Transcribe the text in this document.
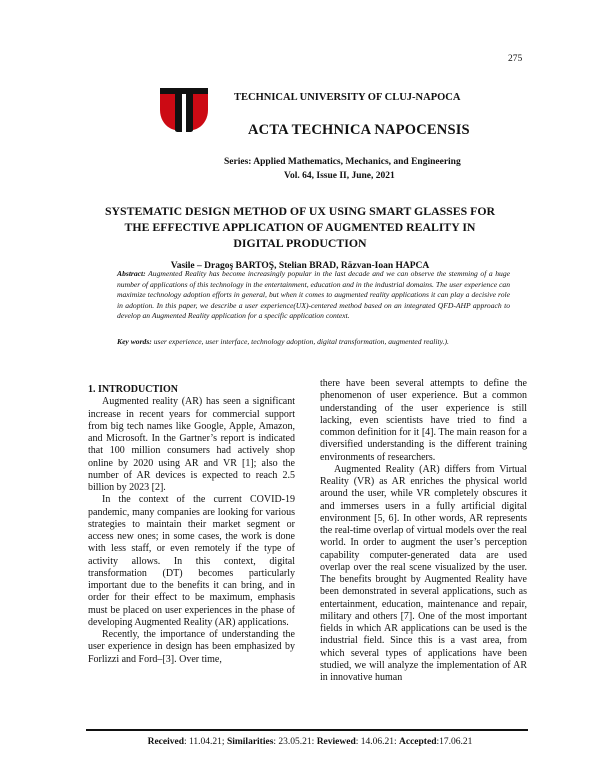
275
TECHNICAL UNIVERSITY OF CLUJ-NAPOCA
ACTA TECHNICA NAPOCENSIS
Series: Applied Mathematics, Mechanics, and Engineering
Vol. 64, Issue II, June, 2021
SYSTEMATIC DESIGN METHOD OF UX USING SMART GLASSES FOR
THE EFFECTIVE APPLICATION OF AUGMENTED REALITY IN
DIGITAL PRODUCTION
Vasile – Dragoş BARTOŞ, Stelian BRAD, Răzvan-Ioan HAPCA
Abstract: Augmented Reality has become increasingly popular in the last decade and we can observe the stemming of a huge number of applications of this technology in the entertainment, education and in the industrial domains. The user experience can maximize technology adoption efforts in general, but when it comes to augmented reality applications it can play a decisive role in adoption. In this paper, we describe a user experience(UX)-centered method based on an integrated QFD-AHP approach to develop an Augmented Reality application for a specific application context.
Key words: user experience, user interface, technology adoption, digital transformation, augmented reality.).

1. INTRODUCTION

Augmented reality (AR) has seen a significant increase in recent years for commercial support from big tech names like Google, Apple, Amazon, and Microsoft. In the Gartner’s report is indicated that 100 million consumers had actively shop online by 2020 using AR and VR [1]; also the number of AR devices is expected to reach 2.5 billion by 2023 [2].

In the context of the current COVID-19 pandemic, many companies are looking for various strategies to maintain their market segment or access new ones; in some cases, the work is done with less staff, or even remotely if the type of activity allows. In this context, digital transformation (DT) becomes particularly important due to the benefits it can bring, and in order for their effect to be maximum, emphasis must be placed on user experiences in the phase of developing Augmented Reality (AR) applications.

Recently, the importance of understanding the user experience in design has been emphasized by Forlizzi and Ford–[3]. Over time,

there have been several attempts to define the phenomenon of user experience. But a common understanding of the user experience is still lacking, even scientists have tried to find a common definition for it [4]. The main reason for a diversified understanding is the different training environments of researchers.

Augmented Reality (AR) differs from Virtual Reality (VR) as AR enriches the physical world around the user, while VR completely obscures it and immerses users in a fully artificial digital environment [5, 6]. In other words, AR represents the real-time overlap of virtual models over the real world. In order to augment the user’s perception capability computer-generated data are used overlap over the real scene visualized by the user. The benefits brought by Augmented Reality have been demonstrated in several applications, such as entertainment, education, maintenance and repair, military and others [7]. One of the most important fields in which AR applications can be used is the industrial field. Since this is a vast area, from which several types of applications have been studied, we will analyze the implementation of AR in innovative human

Received: 11.04.21; Similarities: 23.05.21: Reviewed: 14.06.21: Accepted:17.06.21
